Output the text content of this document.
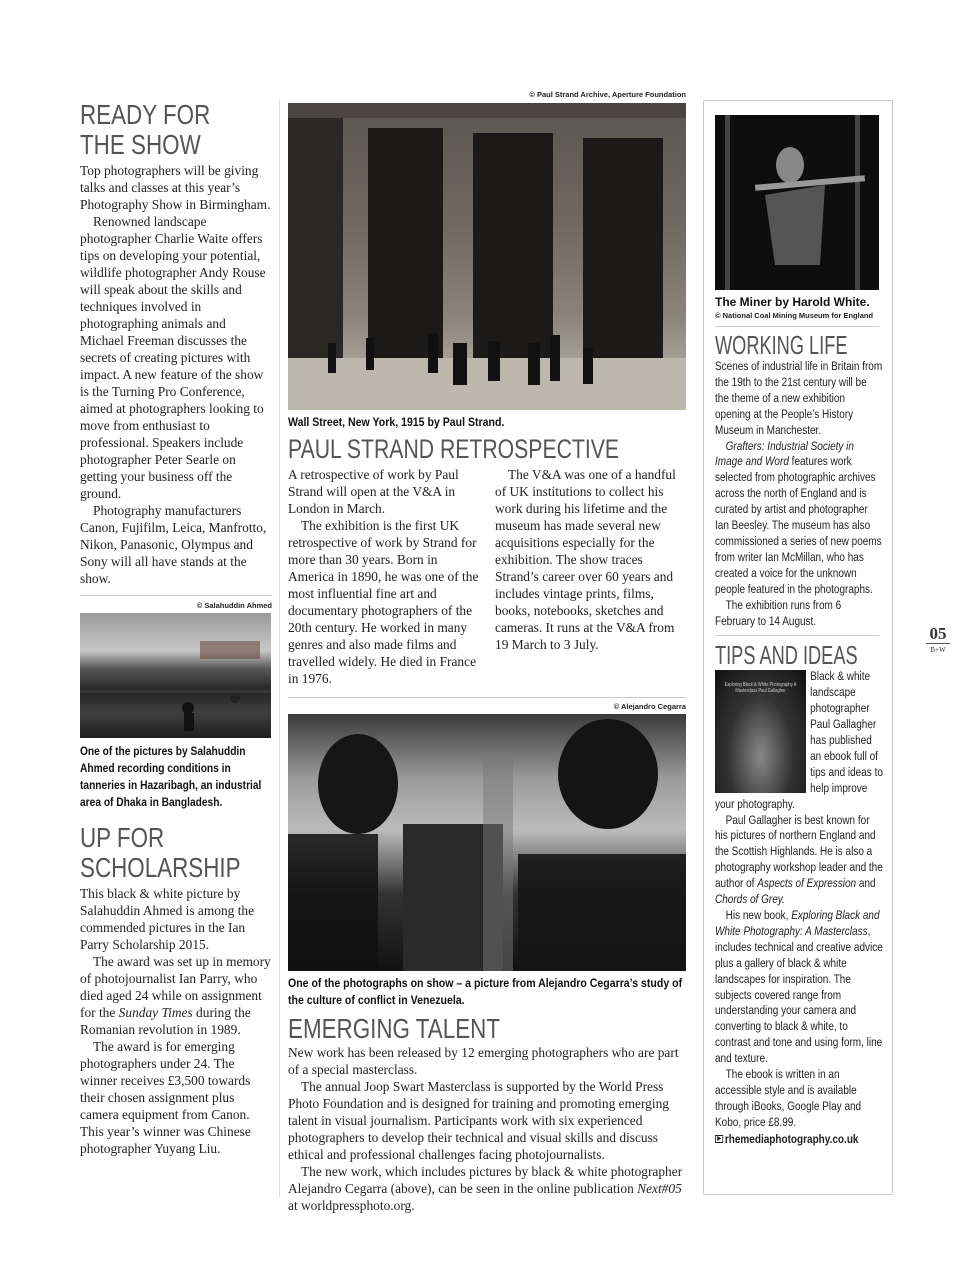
READY FOR THE SHOW

Top photographers will be giving talks and classes at this year’s Photography Show in Birmingham.

Renowned landscape photographer Charlie Waite offers tips on developing your potential, wildlife photographer Andy Rouse will speak about the skills and techniques involved in photographing animals and Michael Freeman discusses the secrets of creating pictures with impact. A new feature of the show is the Turning Pro Conference, aimed at photographers looking to move from enthusiast to professional. Speakers include photographer Peter Searle on getting your business off the ground.

Photography manufacturers Canon, Fujifilm, Leica, Manfrotto, Nikon, Panasonic, Olympus and Sony will all have stands at the show.

© Salahuddin Ahmed
One of the pictures by Salahuddin Ahmed recording conditions in tanneries in Hazaribagh, an industrial area of Dhaka in Bangladesh.
UP FOR SCHOLARSHIP

This black & white picture by Salahuddin Ahmed is among the commended pictures in the Ian Parry Scholarship 2015.

The award was set up in memory of photojournalist Ian Parry, who died aged 24 while on assignment for the Sunday Times during the Romanian revolution in 1989.

The award is for emerging photographers under 24. The winner receives £3,500 towards their chosen assignment plus camera equipment from Canon. This year’s winner was Chinese photographer Yuyang Liu.

© Paul Strand Archive, Aperture Foundation
Wall Street, New York, 1915 by Paul Strand.
PAUL STRAND RETROSPECTIVE

A retrospective of work by Paul Strand will open at the V&A in London in March.

The exhibition is the first UK retrospective of work by Strand for more than 30 years. Born in America in 1890, he was one of the most influential fine art and documentary photographers of the 20th century. He worked in many genres and also made films and travelled widely. He died in France in 1976.

The V&A was one of a handful of UK institutions to collect his work during his lifetime and the museum has made several new acquisitions especially for the exhibition. The show traces Strand’s career over 60 years and includes vintage prints, films, books, notebooks, sketches and cameras. It runs at the V&A from 19 March to 3 July.

© Alejandro Cegarra
One of the photographs on show – a picture from Alejandro Cegarra’s study of the culture of conflict in Venezuela.
EMERGING TALENT

New work has been released by 12 emerging photographers who are part of a special masterclass.

The annual Joop Swart Masterclass is supported by the World Press Photo Foundation and is designed for training and promoting emerging talent in visual journalism. Participants work with six experienced photographers to develop their technical and visual skills and discuss ethical and professional challenges facing photojournalists.

The new work, which includes pictures by black & white photographer Alejandro Cegarra (above), can be seen in the online publication Next#05 at worldpressphoto.org.

The Miner by Harold White.
© National Coal Mining Museum for England
WORKING LIFE

Scenes of industrial life in Britain from the 19th to the 21st century will be the theme of a new exhibition opening at the People’s History Museum in Manchester.

Grafters: Industrial Society in Image and Word features work selected from photographic archives across the north of England and is curated by artist and photographer Ian Beesley. The museum has also commissioned a series of new poems from writer Ian McMillan, who has created a voice for the unknown people featured in the photographs.

The exhibition runs from 6 February to 14 August.

TIPS AND IDEAS
Exploring Black & White Photography A Masterclass Paul Gallagher

Black & white landscape photographer Paul Gallagher has published an ebook full of tips and ideas to help improve your photography.

Paul Gallagher is best known for his pictures of northern England and the Scottish Highlands. He is also a photography workshop leader and the author of Aspects of Expression and Chords of Grey.

His new book, Exploring Black and White Photography: A Masterclass, includes technical and creative advice plus a gallery of black & white landscapes for inspiration. The subjects covered range from understanding your camera and converting to black & white, to contrast and tone and using form, line and texture.

The ebook is written in an accessible style and is available through iBooks, Google Play and Kobo, price £8.99.

▶ rhemediaphotography.co.uk
05
B+W
